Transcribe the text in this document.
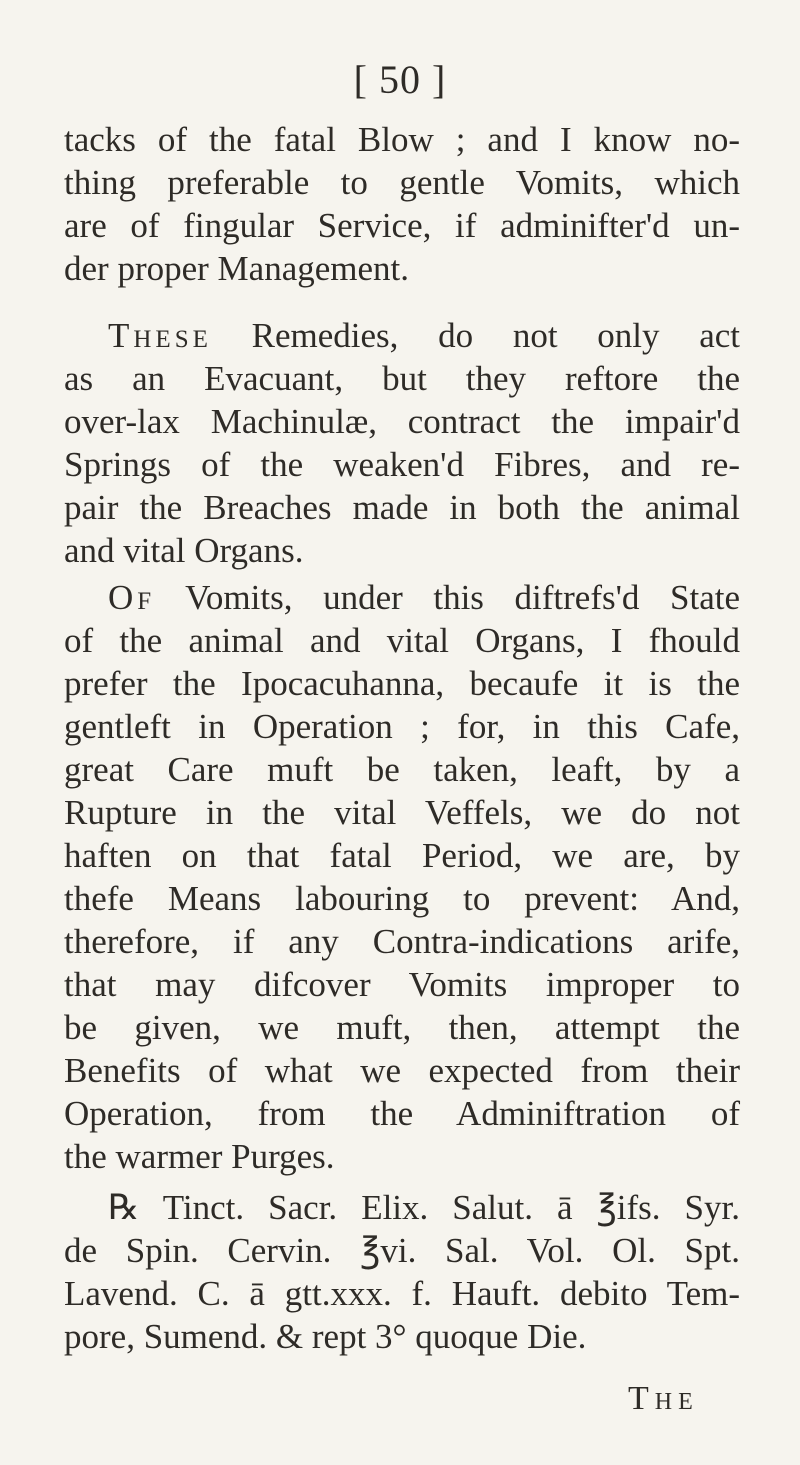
[ 50 ]

tacks of the fatal Blow ; and I know no-
thing preferable to gentle Vomits, which
are of fingular Service, if adminifter'd un-
der proper Management.

These Remedies, do not only act
as an Evacuant, but they reftore the
over-lax Machinulæ, contract the impair'd
Springs of the weaken'd Fibres, and re-
pair the Breaches made in both the animal
and vital Organs.

Of Vomits, under this diftrefs'd State
of the animal and vital Organs, I fhould
prefer the Ipocacuhanna, becaufe it is the
gentleft in Operation ; for, in this Cafe,
great Care muft be taken, leaft, by a
Rupture in the vital Veffels, we do not
haften on that fatal Period, we are, by
thefe Means labouring to prevent: And,
therefore, if any Contra-indications arife,
that may difcover Vomits improper to
be given, we muft, then, attempt the
Benefits of what we expected from their
Operation, from the Adminiftration of
the warmer Purges.

℞ Tinct. Sacr. Elix. Salut. ā ℥ifs. Syr.
de Spin. Cervin. ℥vi. Sal. Vol. Ol. Spt.
Lavend. C. ā gtt.xxx. f. Hauft. debito Tem-
pore, Sumend. & rept 3° quoque Die.

The
